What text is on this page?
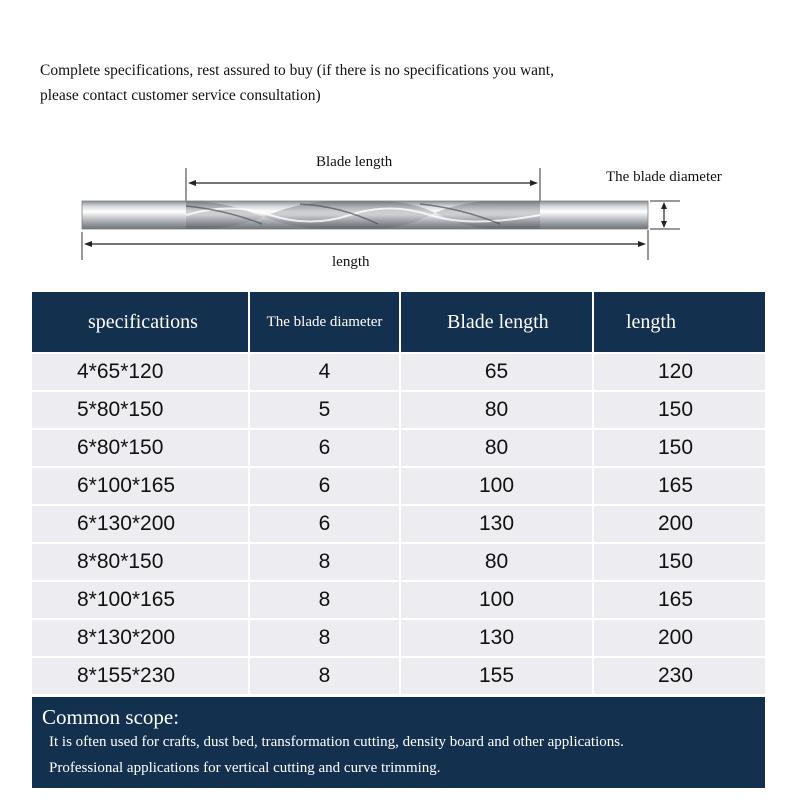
Complete specifications, rest assured to buy (if there is no specifications you want,
please contact customer service consultation)

Blade length
The blade diameter
length
specifications	The blade diameter	Blade length	length
4*65*120	4	65	120
5*80*150	5	80	150
6*80*150	6	80	150
6*100*165	6	100	165
6*130*200	6	130	200
8*80*150	8	80	150
8*100*165	8	100	165
8*130*200	8	130	200
8*155*230	8	155	230
Common scope:
It is often used for crafts, dust bed, transformation cutting, density board and other applications.
Professional applications for vertical cutting and curve trimming.
